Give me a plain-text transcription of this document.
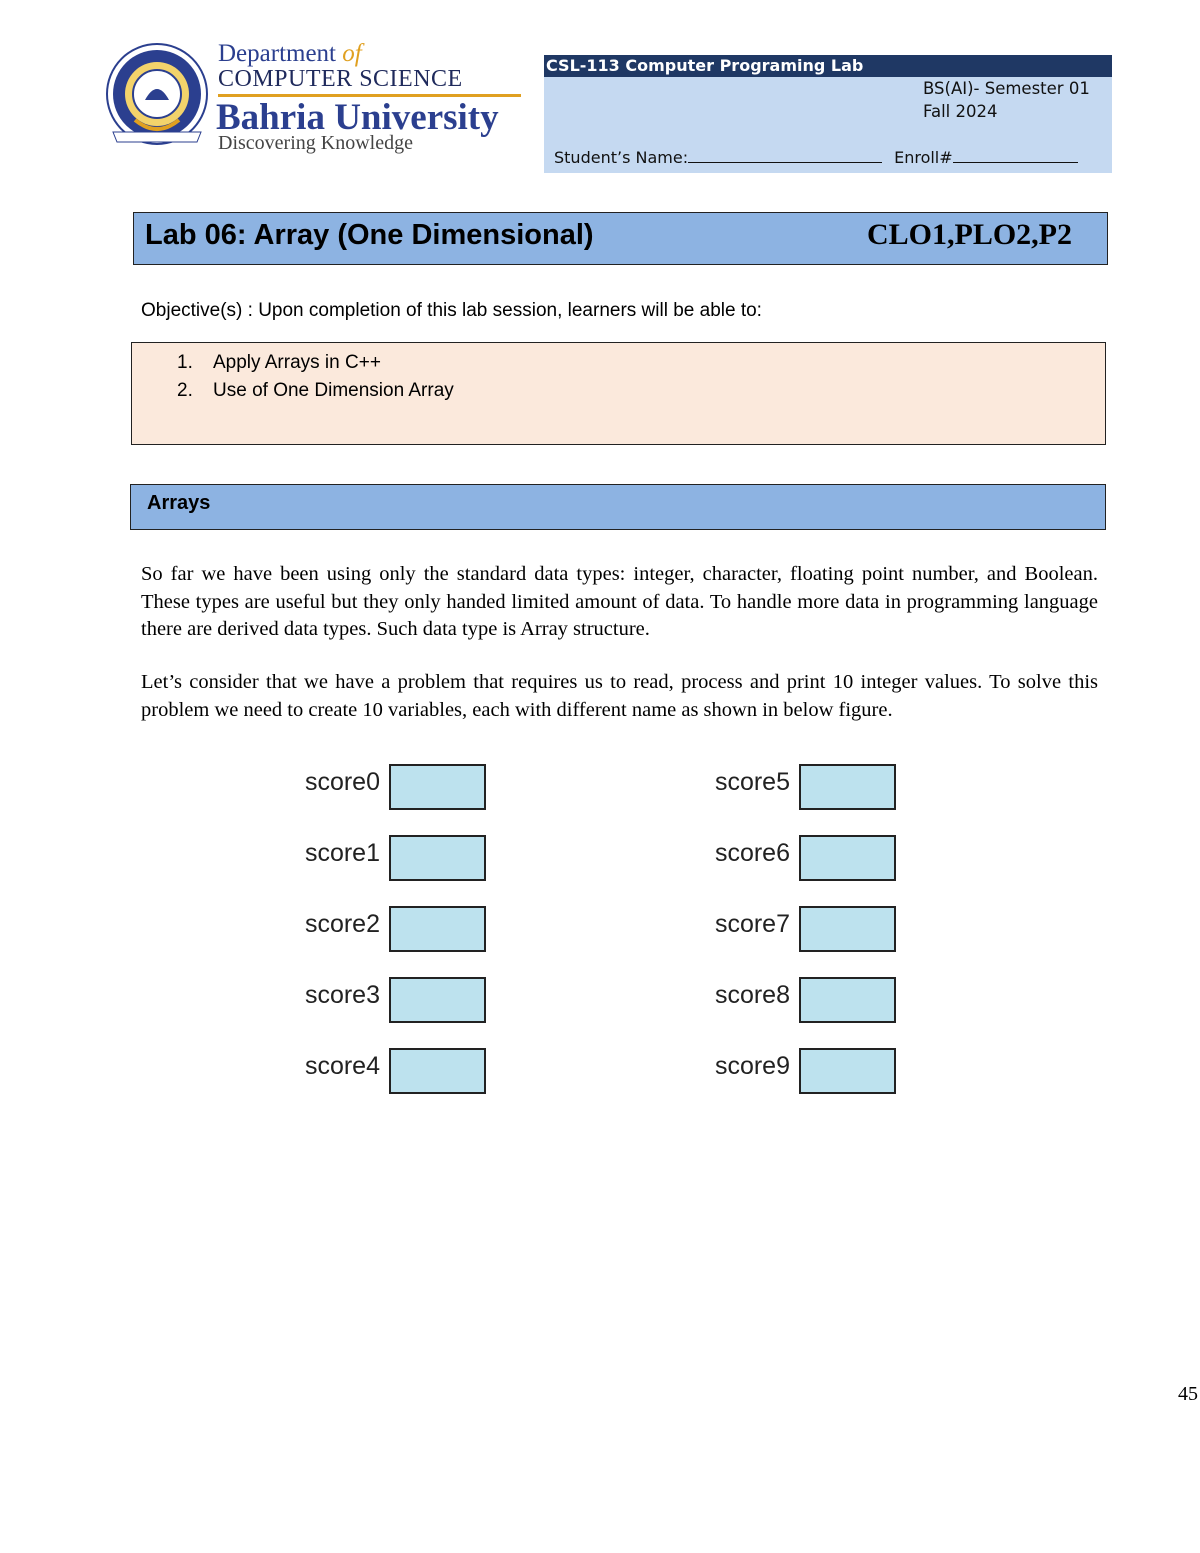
Department of
COMPUTER SCIENCE
Bahria University
Discovering Knowledge
CSL-113 Computer Programing Lab
BS(AI)- Semester 01
Fall 2024
Student’s Name:	Enroll#
Lab 06: Array (One Dimensional)	CLO1,PLO2,P2
Objective(s) : Upon completion of this lab session, learners will be able to:
1. Apply Arrays in C++
2. Use of One Dimension Array
Arrays
So far we have been using only the standard data types: integer, character, floating point number, and Boolean. These types are useful but they only handed limited amount of data. To handle more data in programming language there are derived data types. Such data type is Array structure.
Let’s consider that we have a problem that requires us to read, process and print 10 integer values. To solve this problem we need to create 10 variables, each with different name as shown in below figure.
score0
score1
score2
score3
score4
score5
score6
score7
score8
score9
45
